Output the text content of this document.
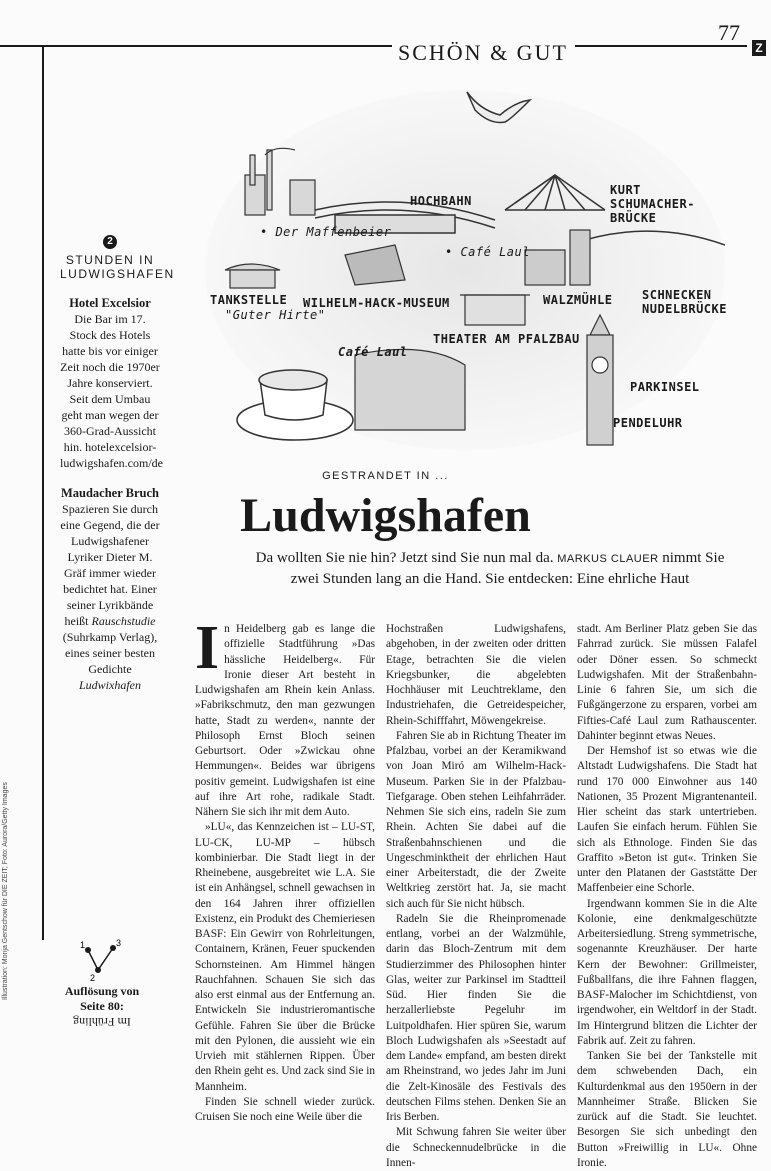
77
SCHÖN & GUT	Z
2
STUNDEN IN
LUDWIGSHAFEN
Hotel Excelsior
Die Bar im 17. Stock des Hotels hatte bis vor einiger Zeit noch die 1970er Jahre konserviert. Seit dem Umbau geht man wegen der 360-Grad-Aussicht hin. hotelexcelsior-ludwigshafen.com/de
Maudacher Bruch
Spazieren Sie durch eine Gegend, die der Ludwigshafener Lyriker Dieter M. Gräf immer wieder bedichtet hat. Einer seiner Lyrikbände heißt Rauschstudie (Suhrkamp Verlag), eines seiner besten Gedichte Ludwixhafen
HOCHBAHN
KURT SCHUMACHER-BRÜCKE
• Der Maffenbeier
• Café Laul
TANKSTELLE
"Guter Hirte"
WILHELM-HACK-MUSEUM	WALZMÜHLE SCHNECKEN NUDELBRÜCKE
THEATER AM PFALZBAU
Café Laul
PARKINSEL
PENDELUHR
GESTRANDET IN ...
Ludwigshafen
Da wollten Sie nie hin? Jetzt sind Sie nun mal da. MARKUS CLAUER nimmt Sie zwei Stunden lang an die Hand. Sie entdecken: Eine ehrliche Haut

In Heidelberg gab es lange die offizielle Stadtführung »Das hässliche Heidelberg«. Für Ironie dieser Art besteht in Ludwigshafen am Rhein kein Anlass. »Fabrikschmutz, den man gezwungen hatte, Stadt zu werden«, nannte der Philosoph Ernst Bloch seinen Geburtsort. Oder »Zwickau ohne Hemmungen«. Beides war übrigens positiv gemeint. Ludwigshafen ist eine auf ihre Art rohe, radikale Stadt. Nähern Sie sich ihr mit dem Auto.

»LU«, das Kennzeichen ist – LU-ST, LU-CK, LU-MP – hübsch kombinierbar. Die Stadt liegt in der Rheinebene, ausgebreitet wie L.A. Sie ist ein Anhängsel, schnell gewachsen in den 164 Jahren ihrer offiziellen Existenz, ein Produkt des Chemieriesen BASF: Ein Gewirr von Rohrleitungen, Containern, Kränen, Feuer spuckenden Schornsteinen. Am Himmel hängen Rauchfahnen. Schauen Sie sich das also erst einmal aus der Entfernung an. Entwickeln Sie industrieromantische Gefühle. Fahren Sie über die Brücke mit den Pylonen, die aussieht wie ein Urvieh mit stählernen Rippen. Über den Rhein geht es. Und zack sind Sie in Mannheim.

Finden Sie schnell wieder zurück. Cruisen Sie noch eine Weile über die

Hochstraßen Ludwigshafens, abgehoben, in der zweiten oder dritten Etage, betrachten Sie die vielen Kriegsbunker, die abgelebten Hochhäuser mit Leuchtreklame, den Industriehafen, die Getreidespeicher, Rhein-Schifffahrt, Möwengekreise.

Fahren Sie ab in Richtung Theater im Pfalzbau, vorbei an der Keramikwand von Joan Miró am Wilhelm-Hack-Museum. Parken Sie in der Pfalzbau-Tiefgarage. Oben stehen Leihfahrräder. Nehmen Sie sich eins, radeln Sie zum Rhein. Achten Sie dabei auf die Straßenbahnschienen und die Ungeschminktheit der ehrlichen Haut einer Arbeiterstadt, die der Zweite Weltkrieg zerstört hat. Ja, sie macht sich auch für Sie nicht hübsch.

Radeln Sie die Rheinpromenade entlang, vorbei an der Walzmühle, darin das Bloch-Zentrum mit dem Studierzimmer des Philosophen hinter Glas, weiter zur Parkinsel im Stadtteil Süd. Hier finden Sie die herzallerliebste Pegeluhr im Luitpoldhafen. Hier spüren Sie, warum Bloch Ludwigshafen als »Seestadt auf dem Lande« empfand, am besten direkt am Rheinstrand, wo jedes Jahr im Juni die Zelt-Kinosäle des Festivals des deutschen Films stehen. Denken Sie an Iris Berben.

Mit Schwung fahren Sie weiter über die Schneckennudelbrücke in die Innen-

stadt. Am Berliner Platz geben Sie das Fahrrad zurück. Sie müssen Falafel oder Döner essen. So schmeckt Ludwigshafen. Mit der Straßenbahn-Linie 6 fahren Sie, um sich die Fußgängerzone zu ersparen, vorbei am Fifties-Café Laul zum Rathauscenter. Dahinter beginnt etwas Neues.

Der Hemshof ist so etwas wie die Altstadt Ludwigshafens. Die Stadt hat rund 170 000 Einwohner aus 140 Nationen, 35 Prozent Migrantenanteil. Hier scheint das stark untertrieben. Laufen Sie einfach herum. Fühlen Sie sich als Ethnologe. Finden Sie das Graffito »Beton ist gut«. Trinken Sie unter den Platanen der Gaststätte Der Maffenbeier eine Schorle.

Irgendwann kommen Sie in die Alte Kolonie, eine denkmalgeschützte Arbeitersiedlung. Streng symmetrische, sogenannte Kreuzhäuser. Der harte Kern der Bewohner: Grillmeister, Fußballfans, die ihre Fahnen flaggen, BASF-Malocher im Schichtdienst, von irgendwoher, ein Weltdorf in der Stadt. Im Hintergrund blitzen die Lichter der Fabrik auf. Zeit zu fahren.

Tanken Sie bei der Tankstelle mit dem schwebenden Dach, ein Kulturdenkmal aus den 1950ern in der Mannheimer Straße. Blicken Sie zurück auf die Stadt. Sie leuchtet. Besorgen Sie sich unbedingt den Button »Freiwillig in LU«. Ohne Ironie.

Illustration: Monja Gentschow für DIE ZEIT; Foto: Aurora/Getty Images	1
2
3
Auflösung von Seite 80:
Im Frühling
